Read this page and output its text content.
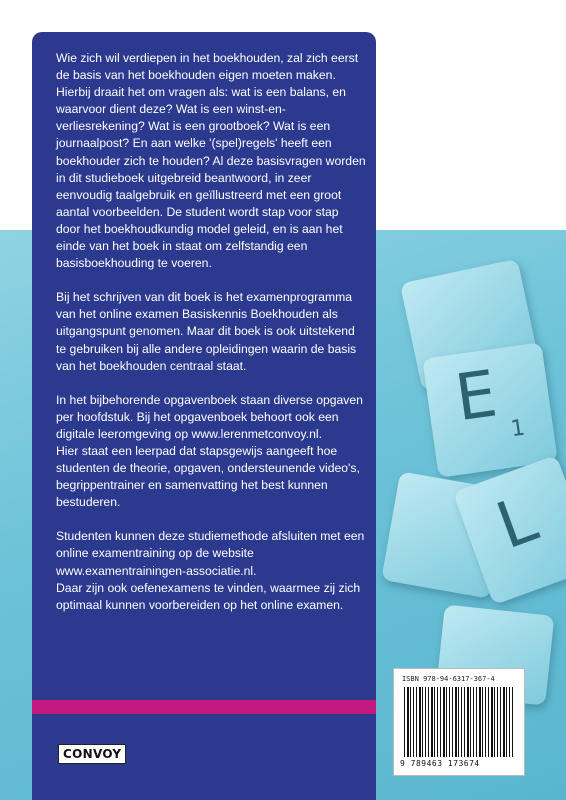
E 1
L

Wie zich wil verdiepen in het boekhouden, zal zich eerst de basis van het boekhouden eigen moeten maken. Hierbij draait het om vragen als: wat is een balans, en waarvoor dient deze? Wat is een winst-en-verliesrekening? Wat is een grootboek? Wat is een journaalpost? En aan welke '(spel)regels' heeft een boekhouder zich te houden? Al deze basisvragen worden in dit studieboek uitgebreid beantwoord, in zeer eenvoudig taalgebruik en geïllustreerd met een groot aantal voorbeelden. De student wordt stap voor stap door het boekhoudkundig model geleid, en is aan het einde van het boek in staat om zelfstandig een basisboekhouding te voeren.

Bij het schrijven van dit boek is het examenprogramma van het online examen Basiskennis Boekhouden als uitgangspunt genomen. Maar dit boek is ook uitstekend te gebruiken bij alle andere opleidingen waarin de basis van het boekhouden centraal staat.

In het bijbehorende opgavenboek staan diverse opgaven per hoofdstuk. Bij het opgavenboek behoort ook een digitale leeromgeving op www.lerenmetconvoy.nl.
Hier staat een leerpad dat stapsgewijs aangeeft hoe studenten de theorie, opgaven, ondersteunende video's, begrippentrainer en samenvatting het best kunnen bestuderen.

Studenten kunnen deze studiemethode afsluiten met een online examentraining op de website www.examentrainingen-associatie.nl.
Daar zijn ook oefenexamens te vinden, waarmee zij zich optimaal kunnen voorbereiden op het online examen.

CONVOY
ISBN 978-94-6317-367-4
9 789463 173674
